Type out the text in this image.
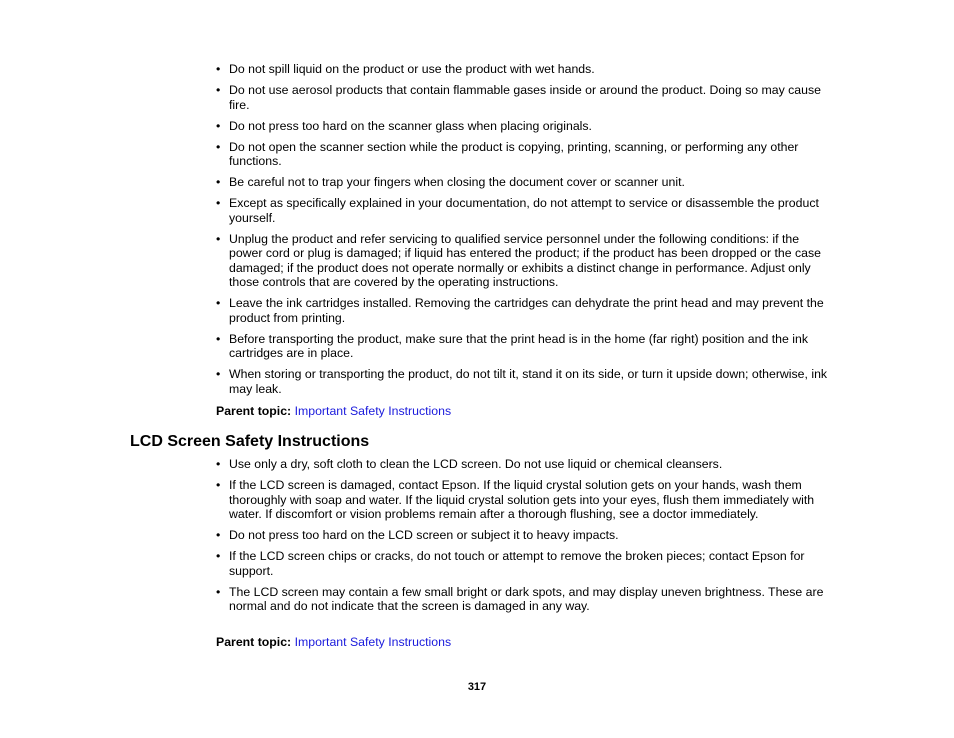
• Do not spill liquid on the product or use the product with wet hands.
• Do not use aerosol products that contain flammable gases inside or around the product. Doing so may cause fire.
• Do not press too hard on the scanner glass when placing originals.
• Do not open the scanner section while the product is copying, printing, scanning, or performing any other functions.
• Be careful not to trap your fingers when closing the document cover or scanner unit.
• Except as specifically explained in your documentation, do not attempt to service or disassemble the product yourself.
• Unplug the product and refer servicing to qualified service personnel under the following conditions: if the power cord or plug is damaged; if liquid has entered the product; if the product has been dropped or the case damaged; if the product does not operate normally or exhibits a distinct change in performance. Adjust only those controls that are covered by the operating instructions.
• Leave the ink cartridges installed. Removing the cartridges can dehydrate the print head and may prevent the product from printing.
• Before transporting the product, make sure that the print head is in the home (far right) position and the ink cartridges are in place.
• When storing or transporting the product, do not tilt it, stand it on its side, or turn it upside down; otherwise, ink may leak.
Parent topic: Important Safety Instructions
LCD Screen Safety Instructions
• Use only a dry, soft cloth to clean the LCD screen. Do not use liquid or chemical cleansers.
• If the LCD screen is damaged, contact Epson. If the liquid crystal solution gets on your hands, wash them thoroughly with soap and water. If the liquid crystal solution gets into your eyes, flush them immediately with water. If discomfort or vision problems remain after a thorough flushing, see a doctor immediately.
• Do not press too hard on the LCD screen or subject it to heavy impacts.
• If the LCD screen chips or cracks, do not touch or attempt to remove the broken pieces; contact Epson for support.
• The LCD screen may contain a few small bright or dark spots, and may display uneven brightness. These are normal and do not indicate that the screen is damaged in any way.
Parent topic: Important Safety Instructions
317
